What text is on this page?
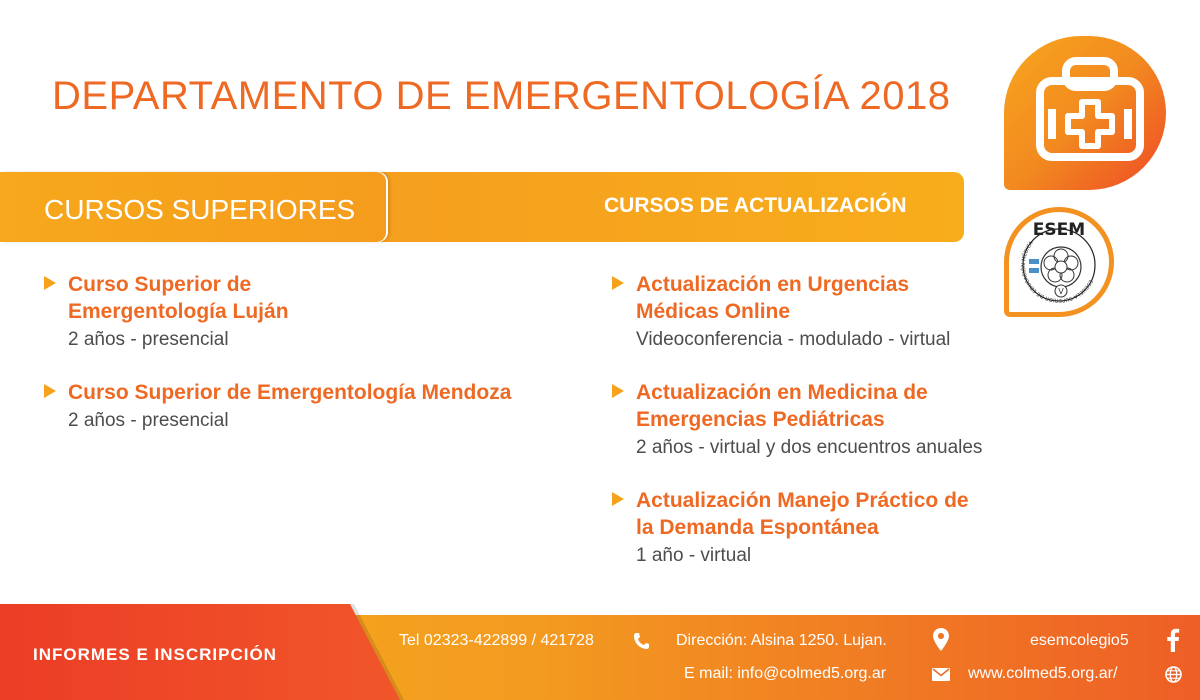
DEPARTAMENTO DE EMERGENTOLOGÍA 2018
V
ESEM
ESCUELA SUPERIOR DE EDUCACIÓN MÉDICA
CURSOS SUPERIORES	CURSOS DE ACTUALIZACIÓN
Curso Superior de
Emergentología Luján
2 años - presencial
Curso Superior de Emergentología Mendoza
2 años - presencial
Actualización en Urgencias
Médicas Online
Videoconferencia - modulado - virtual
Actualización en Medicina de
Emergencias Pediátricas
2 años - virtual y dos encuentros anuales
Actualización Manejo Práctico de
la Demanda Espontánea
1 año - virtual
INFORMES E INSCRIPCIÓN
Tel 02323-422899 / 421728	Dirección: Alsina 1250. Lujan.	esemcolegio5
E mail: info@colmed5.org.ar	www.colmed5.org.ar/
